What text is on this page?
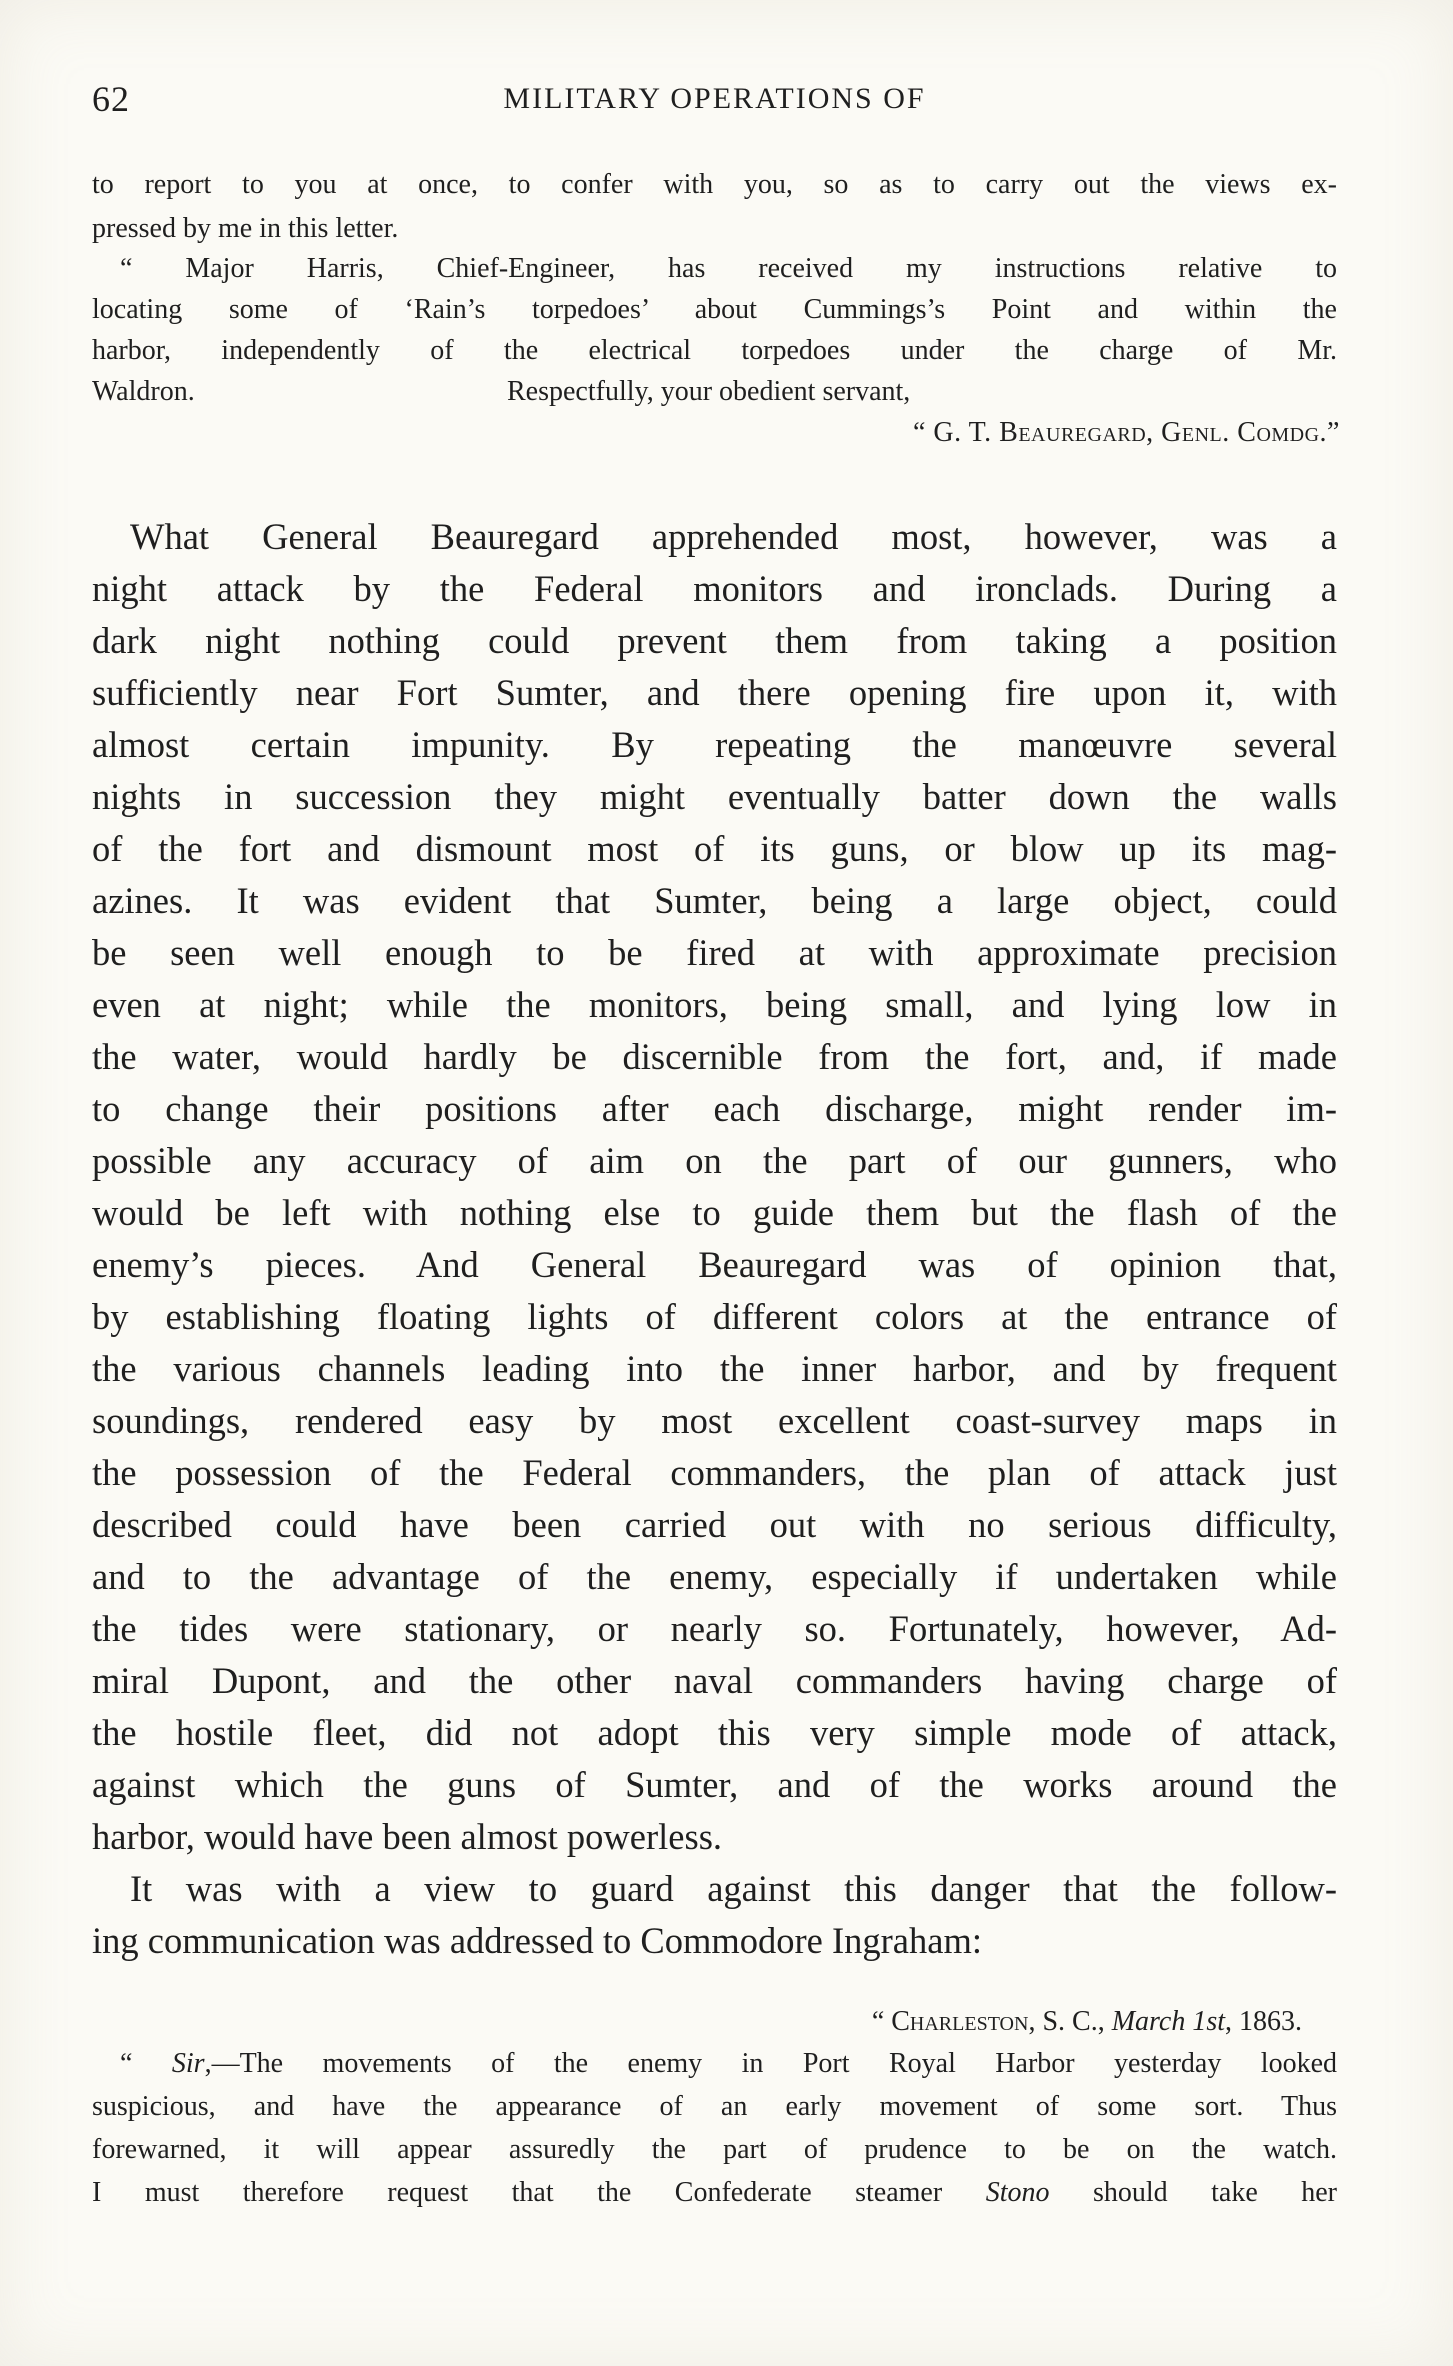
62	MILITARY OPERATIONS OF
to report to you at once, to confer with you, so as to carry out the views ex-
pressed by me in this letter.
“ Major Harris, Chief-Engineer, has received my instructions relative to
locating some of ‘Rain’s torpedoes’ about Cummings’s Point and within the
harbor, independently of the electrical torpedoes under the charge of Mr.
Waldron.	Respectfully, your obedient servant,
“ G. T. Beauregard, Genl. Comdg.”
What General Beauregard apprehended most, however, was a
night attack by the Federal monitors and ironclads. During a
dark night nothing could prevent them from taking a position
sufficiently near Fort Sumter, and there opening fire upon it, with
almost certain impunity. By repeating the manœuvre several
nights in succession they might eventually batter down the walls
of the fort and dismount most of its guns, or blow up its mag-
azines. It was evident that Sumter, being a large object, could
be seen well enough to be fired at with approximate precision
even at night; while the monitors, being small, and lying low in
the water, would hardly be discernible from the fort, and, if made
to change their positions after each discharge, might render im-
possible any accuracy of aim on the part of our gunners, who
would be left with nothing else to guide them but the flash of the
enemy’s pieces. And General Beauregard was of opinion that,
by establishing floating lights of different colors at the entrance of
the various channels leading into the inner harbor, and by frequent
soundings, rendered easy by most excellent coast-survey maps in
the possession of the Federal commanders, the plan of attack just
described could have been carried out with no serious difficulty,
and to the advantage of the enemy, especially if undertaken while
the tides were stationary, or nearly so. Fortunately, however, Ad-
miral Dupont, and the other naval commanders having charge of
the hostile fleet, did not adopt this very simple mode of attack,
against which the guns of Sumter, and of the works around the
harbor, would have been almost powerless.
It was with a view to guard against this danger that the follow-
ing communication was addressed to Commodore Ingraham:
“ Charleston, S. C., March 1st, 1863.
“ Sir,—The movements of the enemy in Port Royal Harbor yesterday looked
suspicious, and have the appearance of an early movement of some sort. Thus
forewarned, it will appear assuredly the part of prudence to be on the watch.
I must therefore request that the Confederate steamer Stono should take her
